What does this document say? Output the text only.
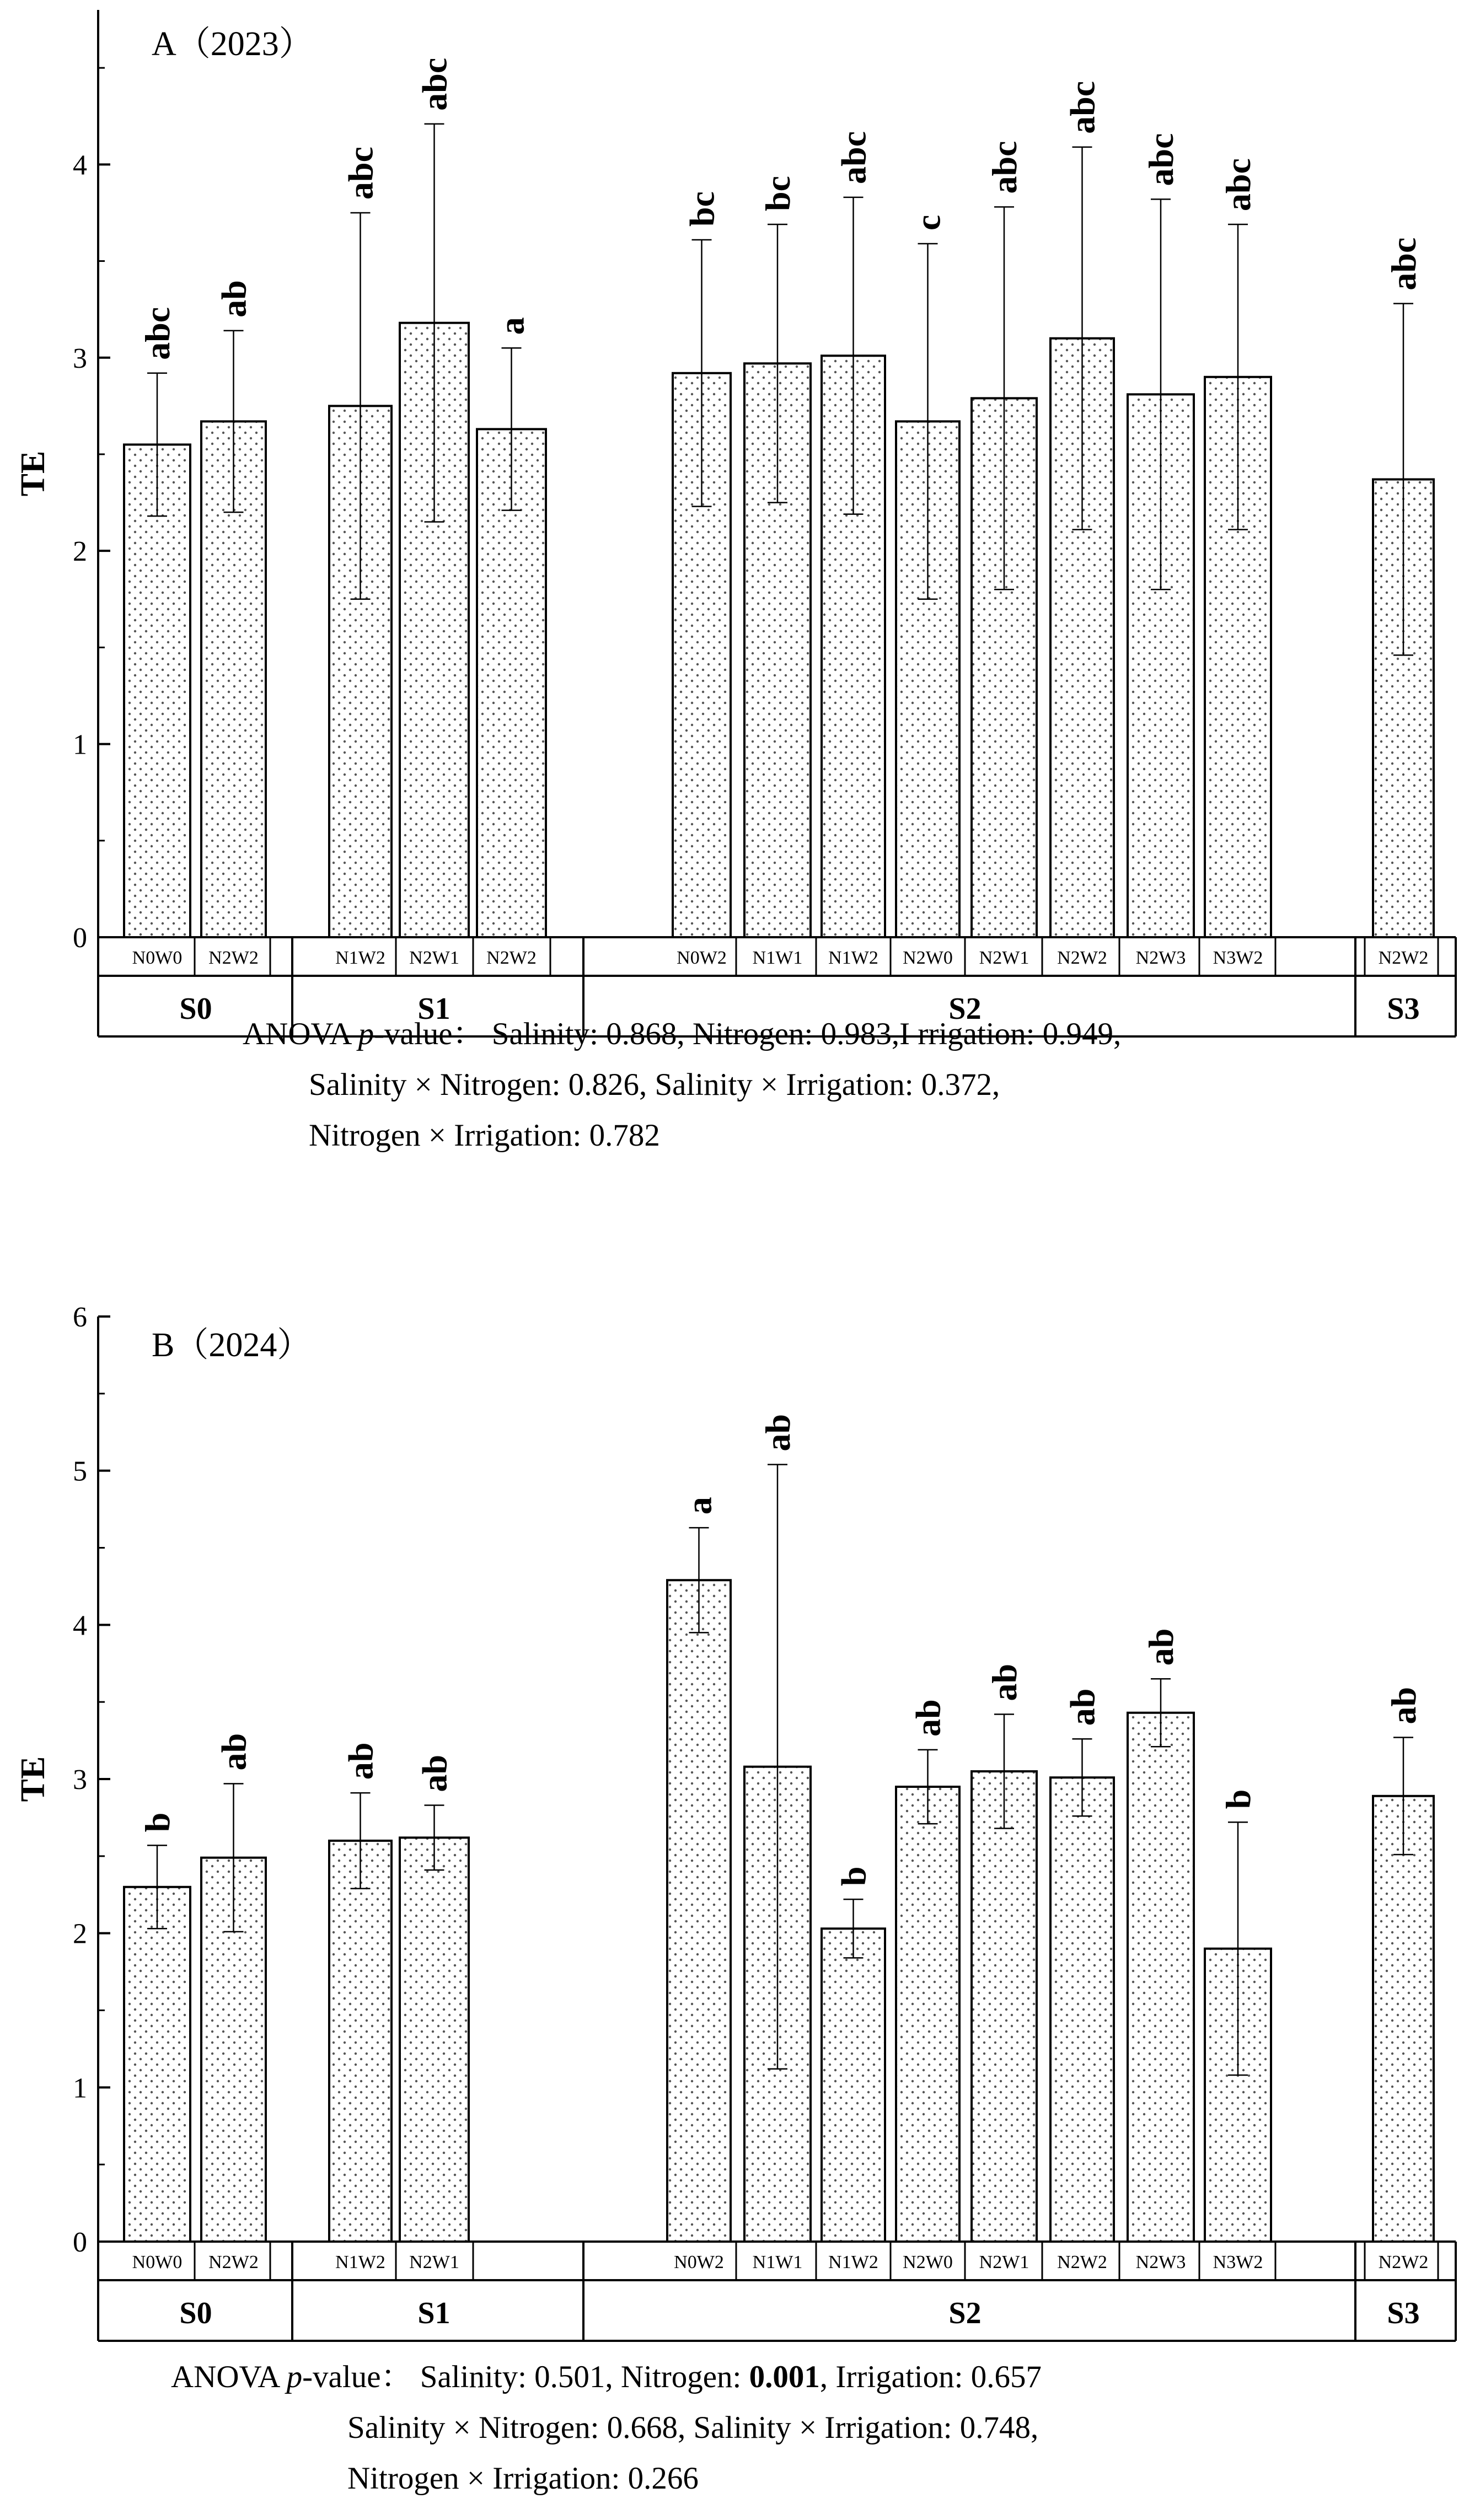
0
1
2
3
4
TE
A（2023）
S0
abc
N0W0
ab
N2W2
S1
abc
N1W2
abc
N2W1
a
N2W2
S2
bc
N0W2
bc
N1W1
abc
N1W2
c
N2W0
abc
N2W1
abc
N2W2
abc
N2W3
abc
N3W2
S3
abc
N2W2
0
1
2
3
4
5
6
TE
B（2024）
S0
b
N0W0
ab
N2W2
S1
ab
N1W2
ab
N2W1
S2
a
N0W2
ab
N1W1
b
N1W2
ab
N2W0
ab
N2W1
ab
N2W2
ab
N2W3
b
N3W2
S3
ab
N2W2
ANOVA p-value： Salinity: 0.868, Nitrogen: 0.983,I rrigation: 0.949,
Salinity × Nitrogen: 0.826, Salinity × Irrigation: 0.372,
Nitrogen × Irrigation: 0.782
ANOVA p-value： Salinity: 0.501, Nitrogen: 0.001, Irrigation: 0.657
Salinity × Nitrogen: 0.668, Salinity × Irrigation: 0.748,
Nitrogen × Irrigation: 0.266
